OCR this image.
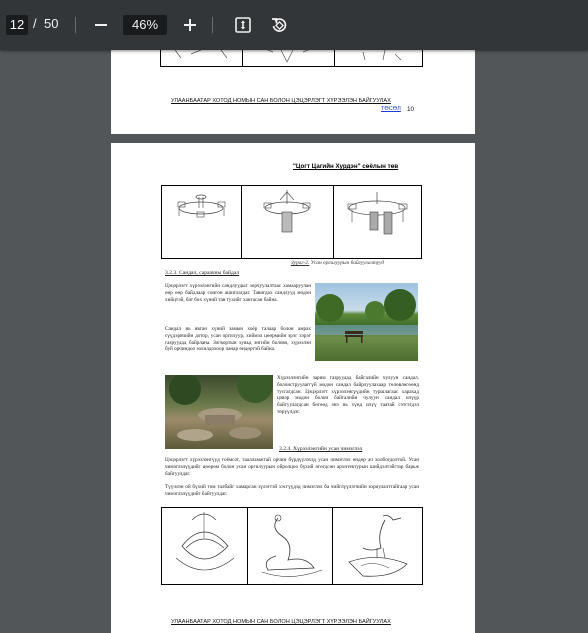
12 / 50	46%
УЛААНБААТАР ХОТОД НОМЫН САН БОЛОН ЦЭЦЭРЛЭГТ ХҮРЭЭЛЭН БАЙГУУЛАХ
ТӨСӨЛ 10
"Цогт Цагийн Хурдэн" сөёлын төв
Зураг-2. Усан оргилуурын байгуулалтууд
3.2.3. Сандал, сараачны байдал
Цэцэрлэгт хүрээлэнгийн сандлуудыг зорчуулалтаас хамааруулан өөр өөр байдлаар сонгон ашиглагдаг. Тавигдах сандлууд модон хийцтэй, бат бөх хүний тав тухийг хангасан байна.
Сандал нь явган хүний замын хоёр талаар болон амрах сүүдэрвчийн дотор, усан оргилуур, хиймэл цөөрмийн эрэг хэрэг газруудад байрлана. Зогвортын хувьд энгийн боловч, хүрээлэн буй орчиндоо зохилдохоор чанар өндөртэй байна.
Хүрээлэнгийн зарим газруудад байгалийн чулуун сандал, болонструуааггүй модон сандал байрлуулахаар төлөвлөгөөнд тусгагдсан. Цэцэрлэгт хүрээлэнгүүдийн туршлагаас харахад цэвэр модон болон байгалийн чулуун сандал илүүр байгуулагдсан бөгөөд энэ нь хүнд илүү таатай сэтгэгдэл төрүүлдэг.
3.2.4. Хүрээлэнгийн усан чимэглэл
Цэцэрлэгт хүрээлэнгүүд гоёмсог, таалламжтай орчин бүрдүүлэхэд усан чимэглэл өндөр ач холбогдолтой. Усан чимэглэлүүдийг цөөрөм болон усан оргилуурын ойролцоо бүхий өгөгдсөн архитектурын шийдэлтэйгээр барьж байгуулдаг.
Түүчлэн ой бүхий том талбайг хамарсан зүлэгтэй хэсгүүдэд чимэглэл ба чийглүүлэгчийн зориулалттайгаар усан чимэглэлүүдийг байгуулдаг.
УЛААНБААТАР ХОТОД НОМЫН САН БОЛОН ЦЭЦЭРЛЭГТ ХҮРЭЭЛЭН БАЙГУУЛАХ
